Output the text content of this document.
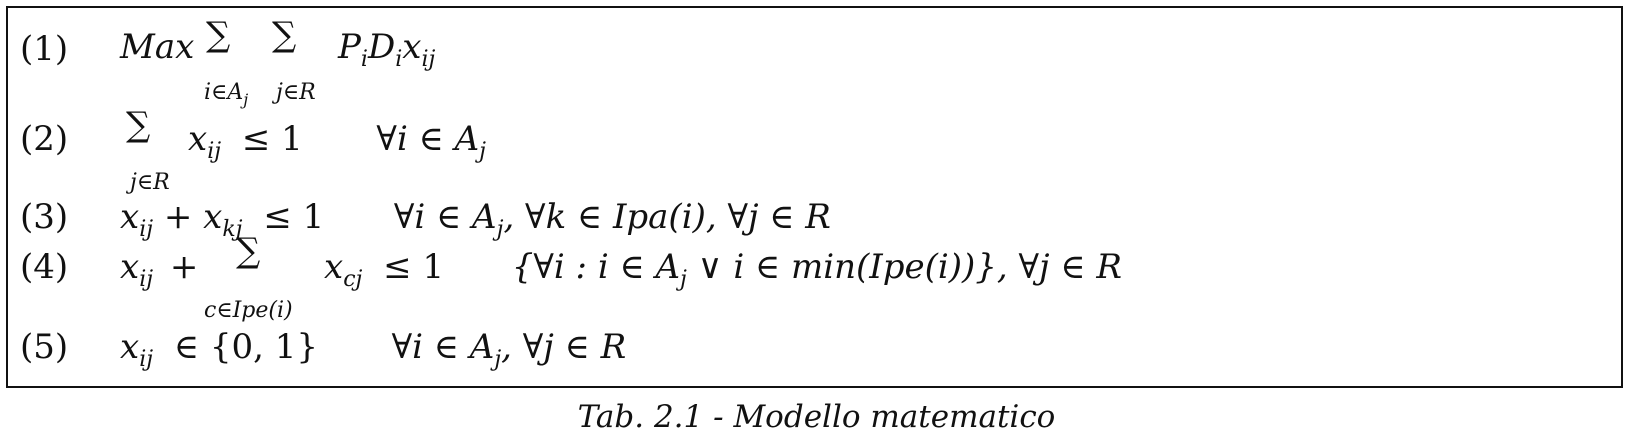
(1) Max ∑ ∑ $P_iD_ix_{ij}$
$i\in A_j$ j∈R
(2) ∑ $x_{ij} \le 1$ ∀i ∈ $A_j$
j∈R
(3) $x_{ij} + x_{kj} \le 1$ ∀i ∈ $A_j$, ∀k ∈ Ipa(i), ∀j ∈ R
(4) $x_{ij}$ + ∑ $x_{cj} \le 1$ {∀i : i ∈ $A_j$ ∨ i ∈ min(Ipe(i))}, ∀j ∈ R
c∈Ipe(i)
(5) $x_{ij}$ ∈ {0, 1} ∀i ∈ $A_j$, ∀j ∈ R
Tab. 2.1 - Modello matematico
